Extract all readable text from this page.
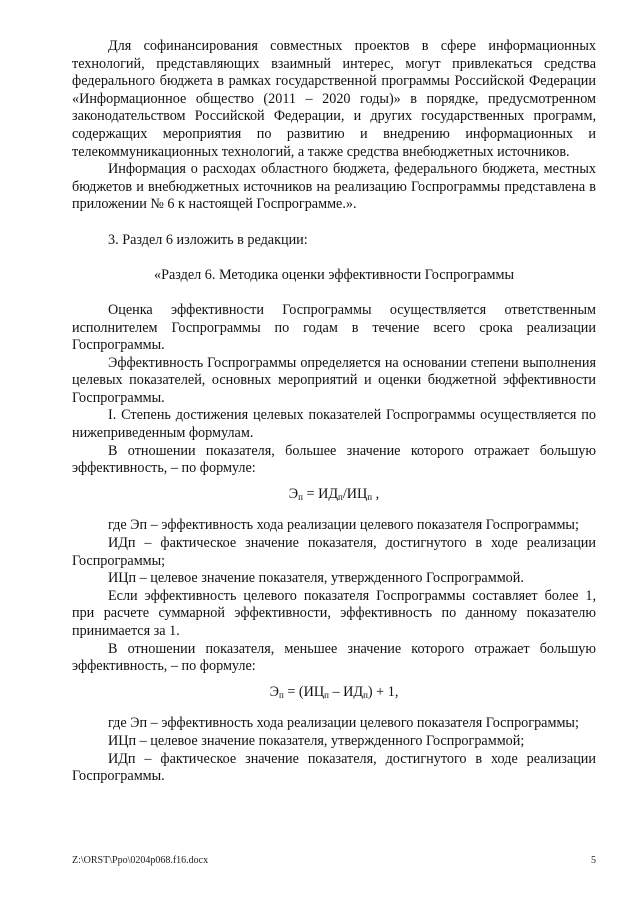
Для софинансирования совместных проектов в сфере информационных технологий, представляющих взаимный интерес, могут привлекаться средства федерального бюджета в рамках государственной программы Российской Федерации «Информационное общество (2011 – 2020 годы)» в порядке, предусмотренном законодательством Российской Федерации, и других государственных программ, содержащих мероприятия по развитию и внедрению информационных и телекоммуникационных технологий, а также средства внебюджетных источников.

Информация о расходах областного бюджета, федерального бюджета, местных бюджетов и внебюджетных источников на реализацию Госпрограммы представлена в приложении № 6 к настоящей Госпрограмме.».

3. Раздел 6 изложить в редакции:

«Раздел 6. Методика оценки эффективности Госпрограммы

Оценка эффективности Госпрограммы осуществляется ответственным исполнителем Госпрограммы по годам в течение всего срока реализации Госпрограммы.

Эффективность Госпрограммы определяется на основании степени выполнения целевых показателей, основных мероприятий и оценки бюджетной эффективности Госпрограммы.

I. Степень достижения целевых показателей Госпрограммы осуществляется по нижеприведенным формулам.

В отношении показателя, большее значение которого отражает большую эффективность, – по формуле:

$Э_п = ИД_п/ИЦ_п$ ,

где Эп – эффективность хода реализации целевого показателя Госпрограммы;

ИДп – фактическое значение показателя, достигнутого в ходе реализации Госпрограммы;

ИЦп – целевое значение показателя, утвержденного Госпрограммой.

Если эффективность целевого показателя Госпрограммы составляет более 1, при расчете суммарной эффективности, эффективность по данному показателю принимается за 1.

В отношении показателя, меньшее значение которого отражает большую эффективность, – по формуле:

$Э_п = (ИЦ_п - ИД_п) + 1$,

где Эп – эффективность хода реализации целевого показателя Госпрограммы;

ИЦп – целевое значение показателя, утвержденного Госпрограммой;

ИДп – фактическое значение показателя, достигнутого в ходе реализации Госпрограммы.

Z:\ORST\Ppo\0204p068.f16.docx	5
